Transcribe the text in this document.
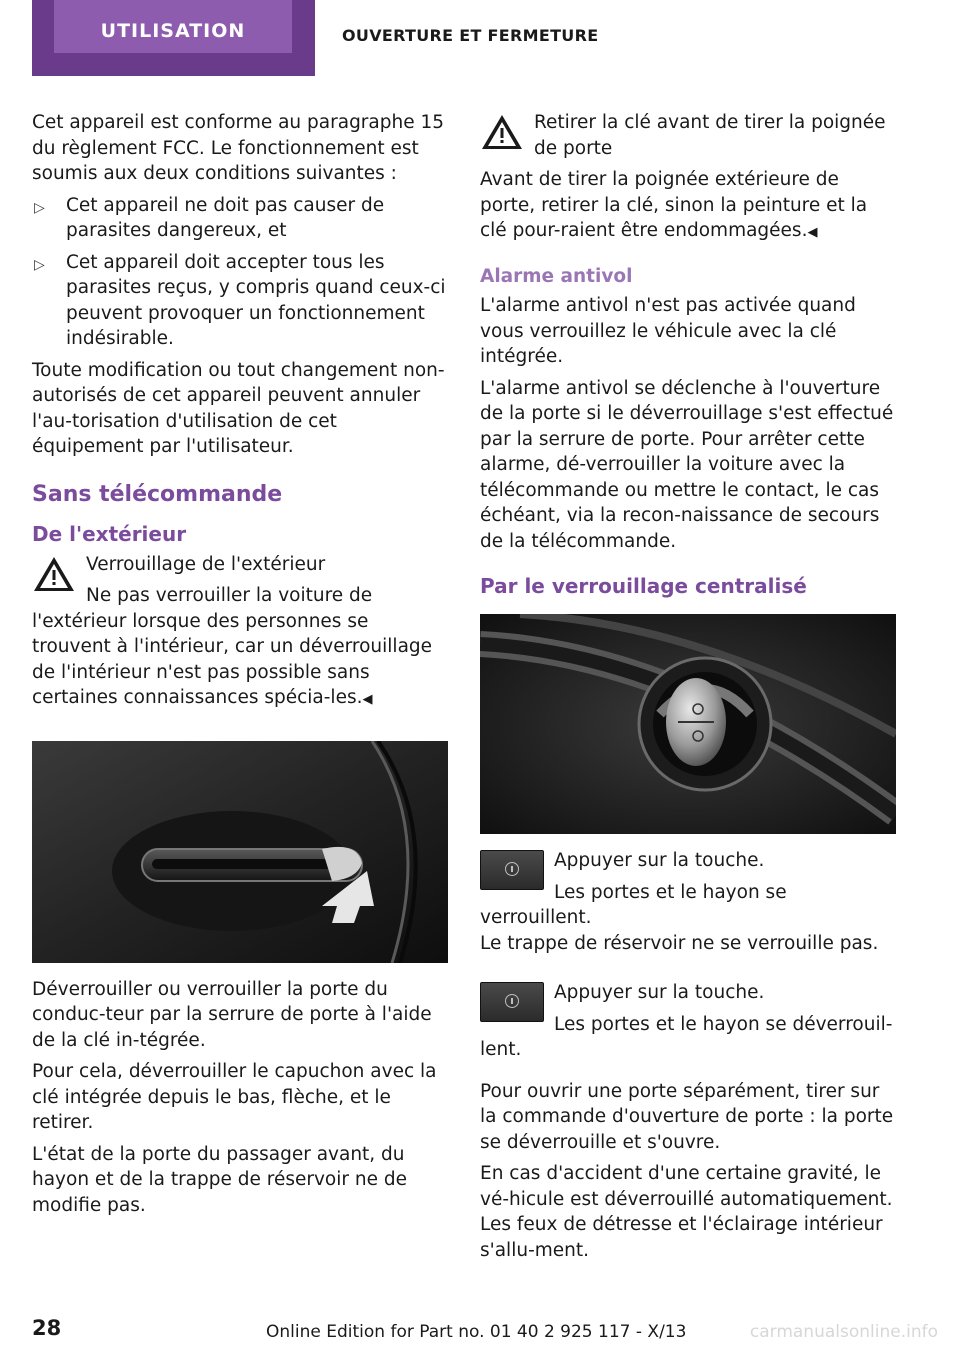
UTILISATION	OUVERTURE ET FERMETURE

Cet appareil est conforme au paragraphe 15 du règlement FCC. Le fonctionnement est soumis aux deux conditions suivantes :

▷ Cet appareil ne doit pas causer de parasites dangereux, et
▷ Cet appareil doit accepter tous les parasites reçus, y compris quand ceux-ci peuvent provoquer un fonctionnement indésirable.

Toute modification ou tout changement non-autorisés de cet appareil peuvent annuler l'au-torisation d'utilisation de cet équipement par l'utilisateur.

Sans télécommande
De l'extérieur
Verrouillage de l'extérieur
Ne pas verrouiller la voiture de l'extérieur lorsque des personnes se trouvent à l'intérieur, car un déverrouillage de l'intérieur n'est pas possible sans certaines connaissances spécia-les.◀

Déverrouiller ou verrouiller la porte du conduc-teur par la serrure de porte à l'aide de la clé in-tégrée.

Pour cela, déverrouiller le capuchon avec la clé intégrée depuis le bas, flèche, et le retirer.

L'état de la porte du passager avant, du hayon et de la trappe de réservoir ne de modifie pas.

Retirer la clé avant de tirer la poignée de porte
Avant de tirer la poignée extérieure de porte, retirer la clé, sinon la peinture et la clé pour-raient être endommagées.◀
Alarme antivol

L'alarme antivol n'est pas activée quand vous verrouillez le véhicule avec la clé intégrée.

L'alarme antivol se déclenche à l'ouverture de la porte si le déverrouillage s'est effectué par la serrure de porte. Pour arrêter cette alarme, dé-verrouiller la voiture avec la télécommande ou mettre le contact, le cas échéant, via la recon-naissance de secours de la télécommande.

Par le verrouillage centralisé
Appuyer sur la touche.
Les portes et le hayon se verrouillent.
Le trappe de réservoir ne se verrouille pas.
Appuyer sur la touche.
Les portes et le hayon se déverrouil-
lent.

Pour ouvrir une porte séparément, tirer sur la commande d'ouverture de porte : la porte se déverrouille et s'ouvre.

En cas d'accident d'une certaine gravité, le vé-hicule est déverrouillé automatiquement. Les feux de détresse et l'éclairage intérieur s'allu-ment.

28	Online Edition for Part no. 01 40 2 925 117 - X/13	carmanualsonline.info
